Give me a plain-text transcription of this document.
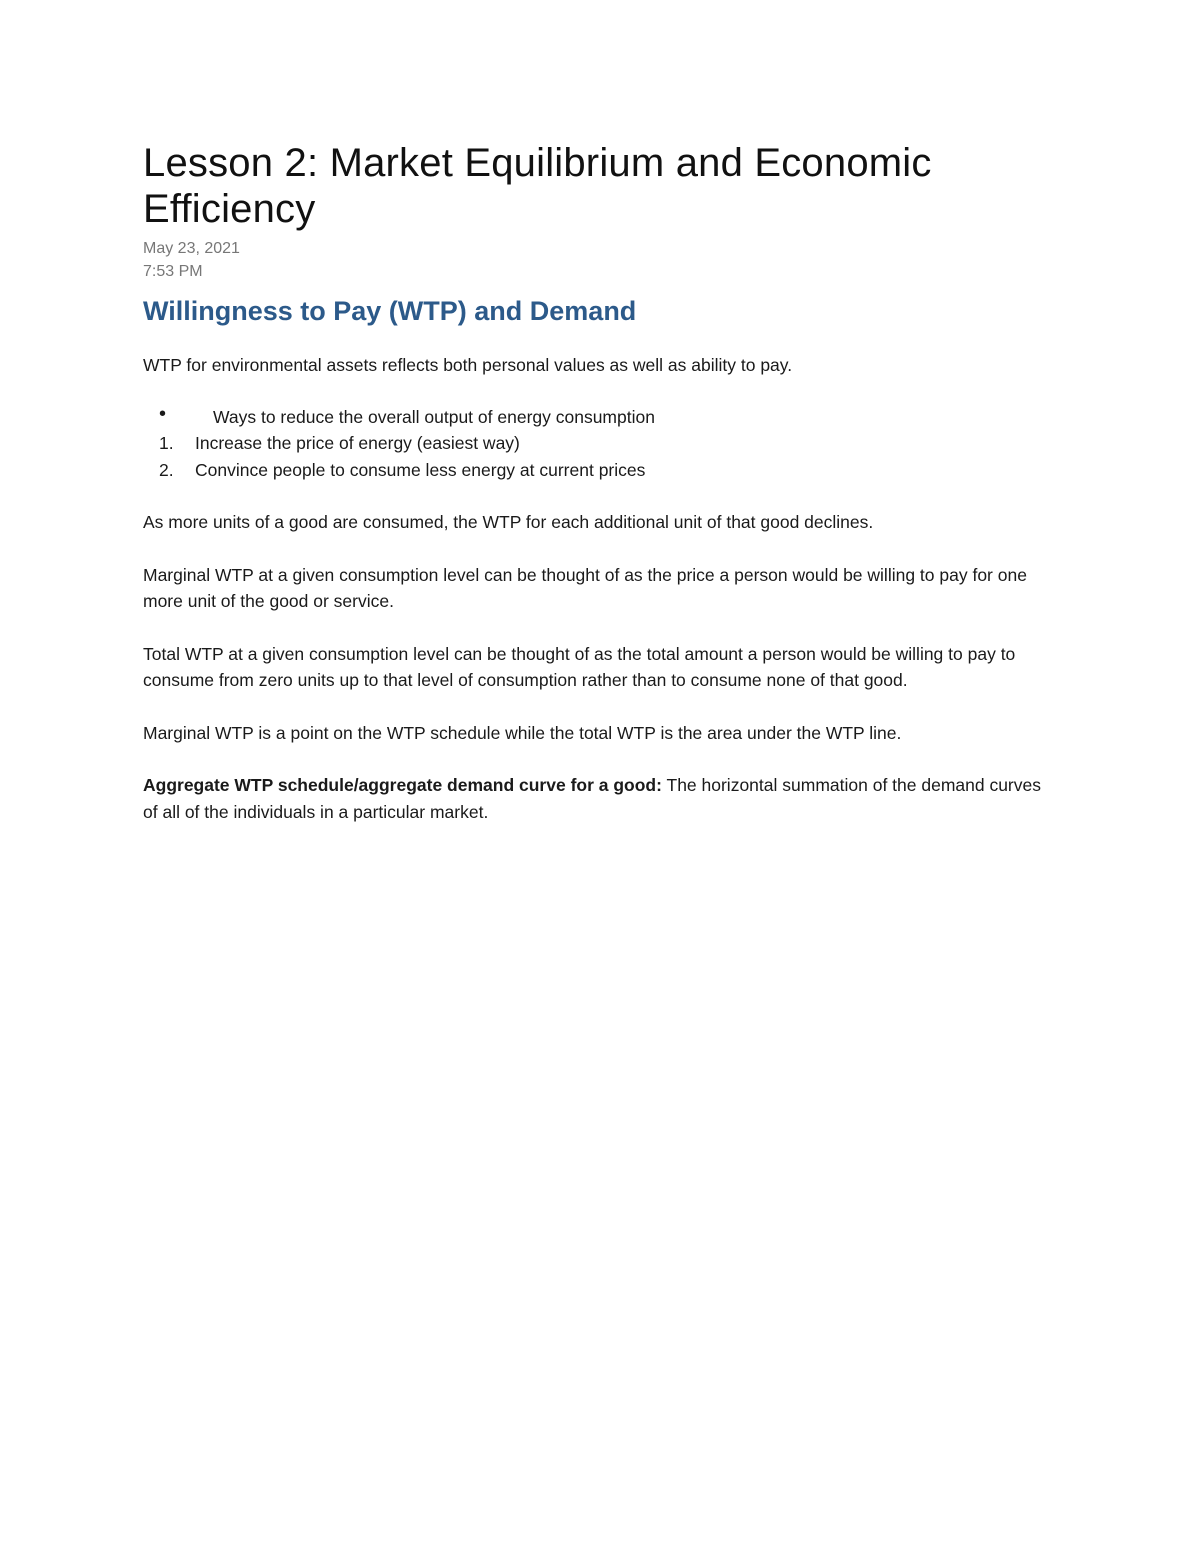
Lesson 2: Market Equilibrium and Economic Efficiency
May 23, 2021
7:53 PM
Willingness to Pay (WTP) and Demand

WTP for environmental assets reflects both personal values as well as ability to pay.

•	Ways to reduce the overall output of energy consumption
1. Increase the price of energy (easiest way)
2. Convince people to consume less energy at current prices

As more units of a good are consumed, the WTP for each additional unit of that good declines.

Marginal WTP at a given consumption level can be thought of as the price a person would be willing to pay for one more unit of the good or service.

Total WTP at a given consumption level can be thought of as the total amount a person would be willing to pay to consume from zero units up to that level of consumption rather than to consume none of that good.

Marginal WTP is a point on the WTP schedule while the total WTP is the area under the WTP line.

Aggregate WTP schedule/aggregate demand curve for a good: The horizontal summation of the demand curves of all of the individuals in a particular market.
